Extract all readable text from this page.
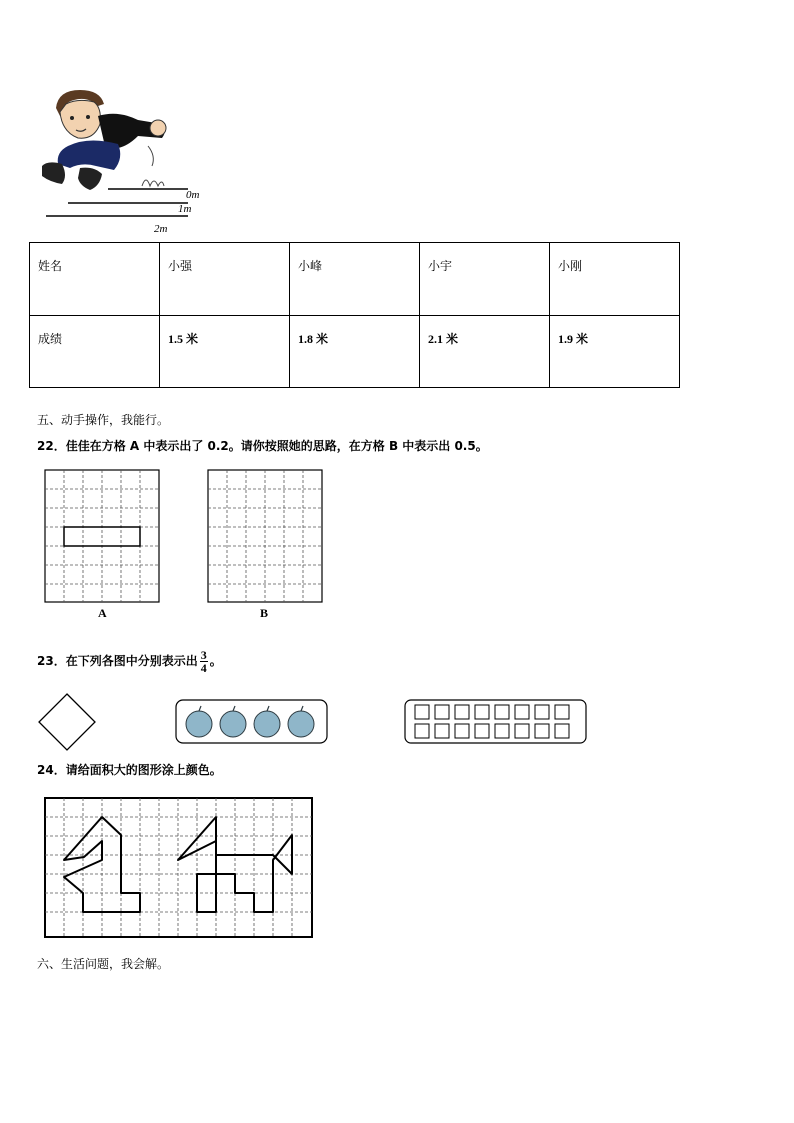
0m
1m
2m
姓名	小强	小峰	小宇	小刚
成绩	1.5 米	1.8 米	2.1 米	1.9 米
五、动手操作，我能行。
22．佳佳在方格 A 中表示出了 0.2。请你按照她的思路，在方格 B 中表示出 0.5。
A	B
23．在下列各图中分别表示出 $\frac{3}{4}$ 。
24．请给面积大的图形涂上颜色。
六、生活问题，我会解。
